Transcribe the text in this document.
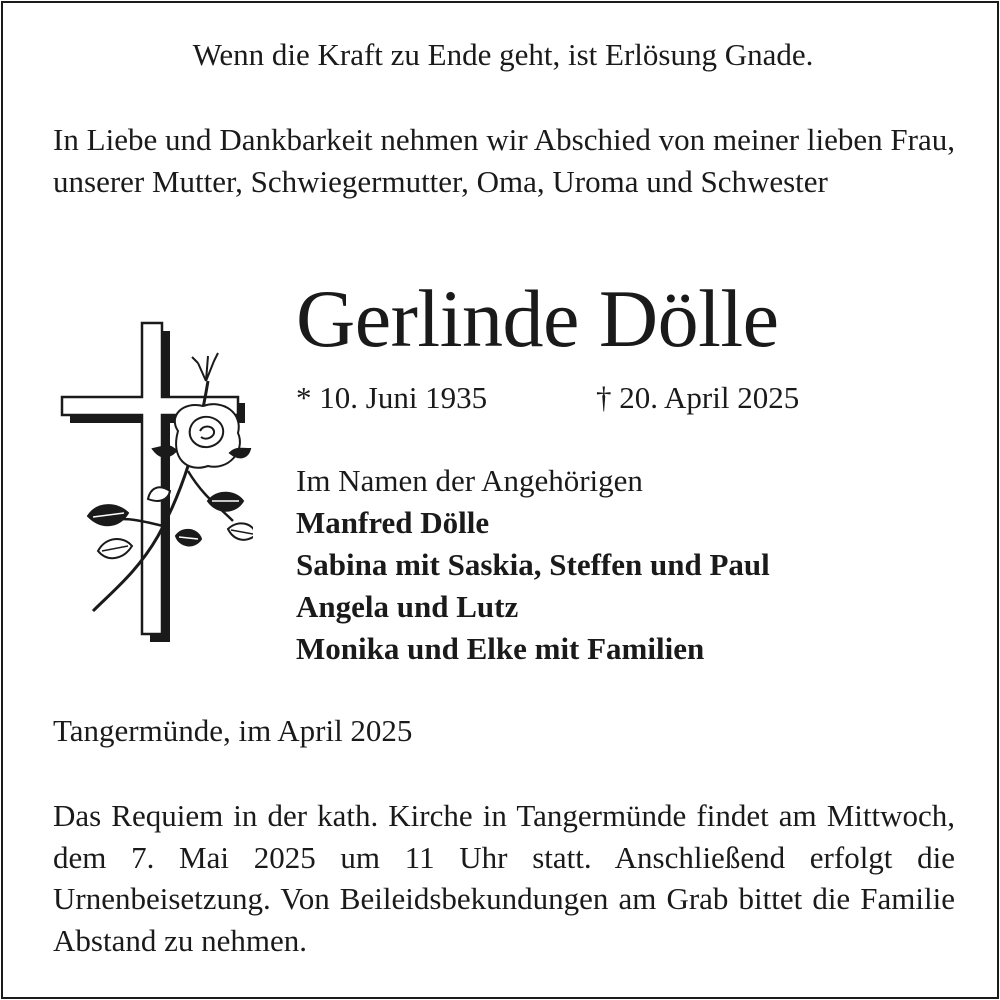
Wenn die Kraft zu Ende geht, ist Erlösung Gnade.
In Liebe und Dankbarkeit nehmen wir Abschied von meiner lieben Frau, unserer Mutter, Schwiegermutter, Oma, Uroma und Schwester
Gerlinde Dölle
* 10. Juni 1935	† 20. April 2025
Im Namen der Angehörigen
Manfred Dölle
Sabina mit Saskia, Steffen und Paul
Angela und Lutz
Monika und Elke mit Familien
Tangermünde, im April 2025
Das Requiem in der kath. Kirche in Tangermünde findet am Mittwoch, dem 7. Mai 2025 um 11 Uhr statt. Anschließend erfolgt die Urnenbeisetzung. Von Beileidsbekundungen am Grab bittet die Familie Abstand zu nehmen.
